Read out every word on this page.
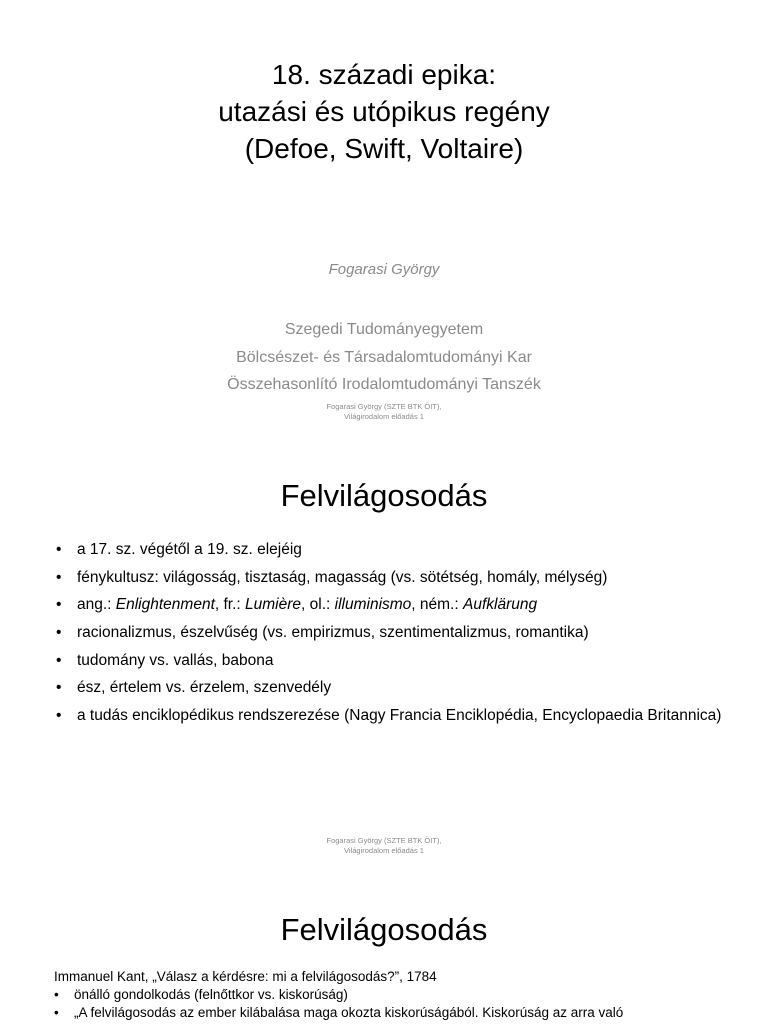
18. századi epika:
utazási és utópikus regény
(Defoe, Swift, Voltaire)
Fogarasi György
Szegedi Tudományegyetem
Bölcsészet- és Társadalomtudományi Kar
Összehasonlító Irodalomtudományi Tanszék
Fogarasi György (SZTE BTK ÖIT),
Világirodalom előadás 1
Felvilágosodás
• a 17. sz. végétől a 19. sz. elejéig
• fénykultusz: világosság, tisztaság, magasság (vs. sötétség, homály, mélység)
• ang.: Enlightenment, fr.: Lumière, ol.: illuminismo, ném.: Aufklärung
• racionalizmus, észelvűség (vs. empirizmus, szentimentalizmus, romantika)
• tudomány vs. vallás, babona
• ész, értelem vs. érzelem, szenvedély
• a tudás enciklopédikus rendszerezése (Nagy Francia Enciklopédia, Encyclopaedia Britannica)
Fogarasi György (SZTE BTK ÖIT),
Világirodalom előadás 1
Felvilágosodás
Immanuel Kant, „Válasz a kérdésre: mi a felvilágosodás?”, 1784
• önálló gondolkodás (felnőttkor vs. kiskorúság)
• „A felvilágosodás az ember kilábalása maga okozta kiskorúságából. Kiskorúság az arra való
